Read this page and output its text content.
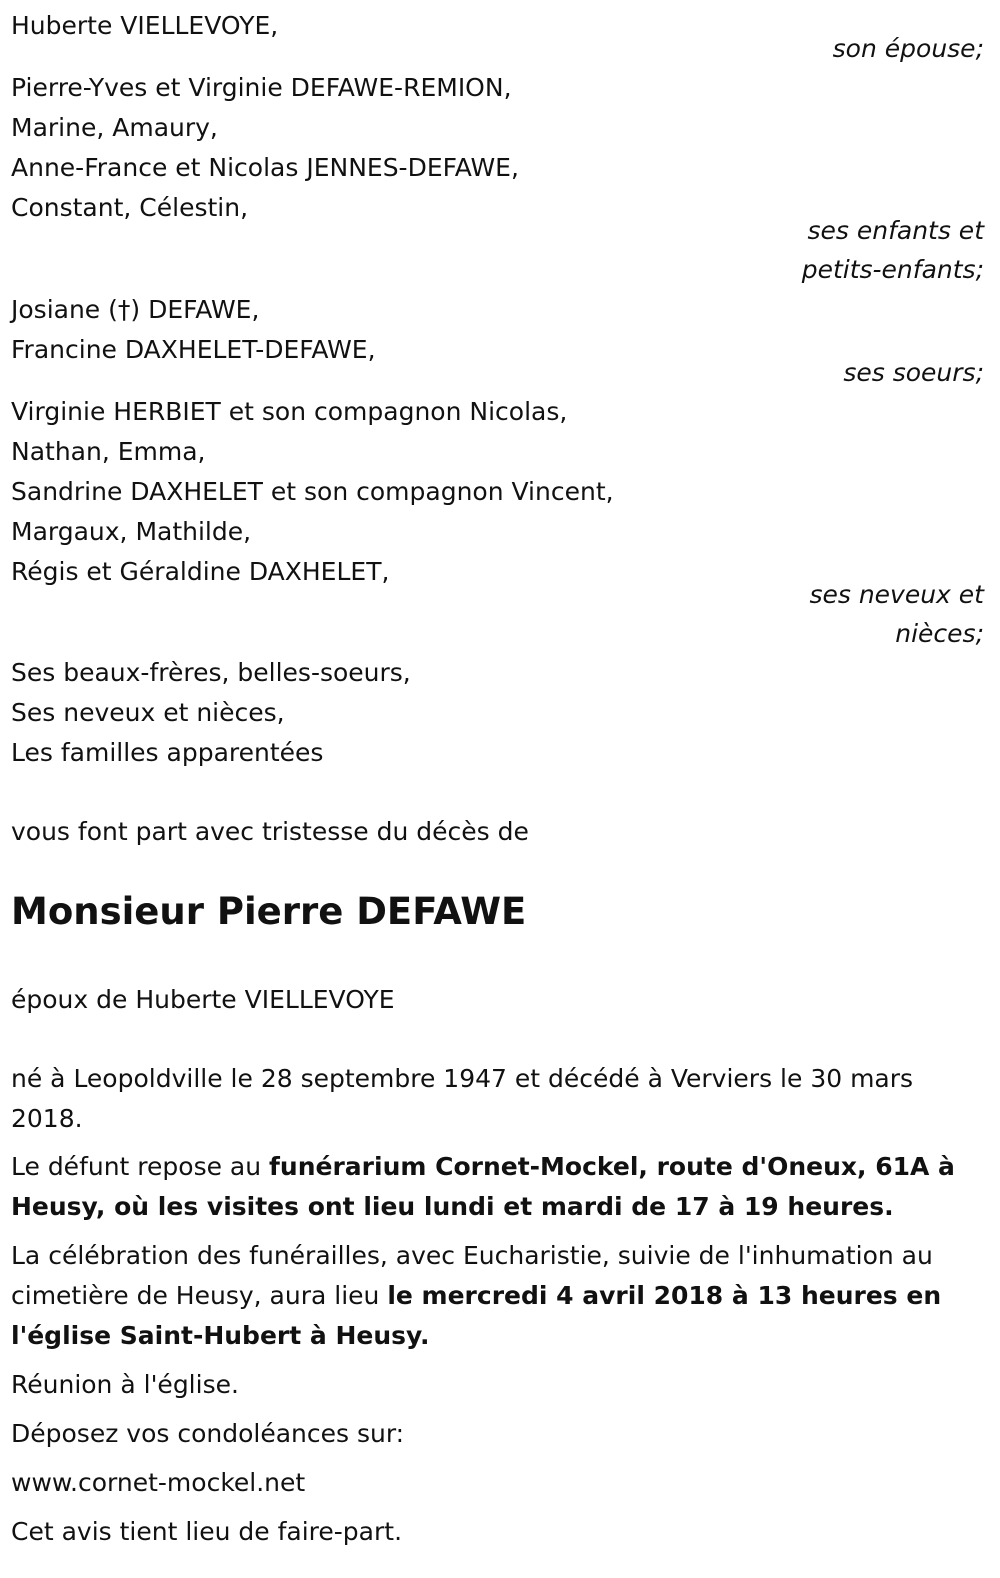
Huberte VIELLEVOYE,
son épouse;
Pierre-Yves et Virginie DEFAWE-REMION,
Marine, Amaury,
Anne-France et Nicolas JENNES-DEFAWE,
Constant, Célestin,
ses enfants et
petits-enfants;
Josiane (†) DEFAWE,
Francine DAXHELET-DEFAWE,
ses soeurs;
Virginie HERBIET et son compagnon Nicolas,
Nathan, Emma,
Sandrine DAXHELET et son compagnon Vincent,
Margaux, Mathilde,
Régis et Géraldine DAXHELET,
ses neveux et
nièces;
Ses beaux-frères, belles-soeurs,
Ses neveux et nièces,
Les familles apparentées
vous font part avec tristesse du décès de
Monsieur Pierre DEFAWE
époux de Huberte VIELLEVOYE
né à Leopoldville le 28 septembre 1947 et décédé à Verviers le 30 mars
2018.
Le défunt repose au funérarium Cornet-Mockel, route d'Oneux, 61A à
Heusy, où les visites ont lieu lundi et mardi de 17 à 19 heures.
La célébration des funérailles, avec Eucharistie, suivie de l'inhumation au
cimetière de Heusy, aura lieu le mercredi 4 avril 2018 à 13 heures en
l'église Saint-Hubert à Heusy.
Réunion à l'église.
Déposez vos condoléances sur:
www.cornet-mockel.net
Cet avis tient lieu de faire-part.
